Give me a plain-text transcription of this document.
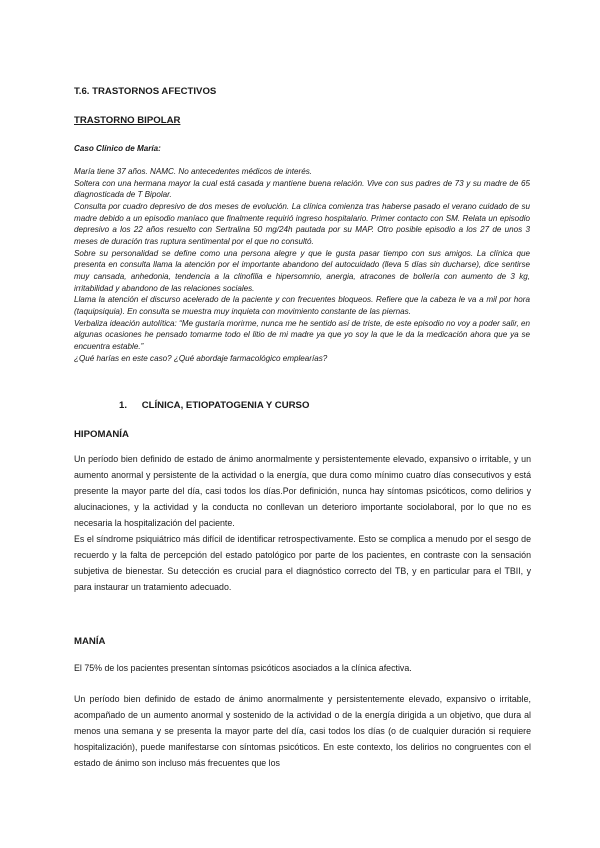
T.6. TRASTORNOS AFECTIVOS
TRASTORNO BIPOLAR
Caso Clínico de María:

María tiene 37 años. NAMC. No antecedentes médicos de interés.

Soltera con una hermana mayor la cual está casada y mantiene buena relación. Vive con sus padres de 73 y su madre de 65 diagnosticada de T Bipolar.

Consulta por cuadro depresivo de dos meses de evolución. La clínica comienza tras haberse pasado el verano cuidado de su madre debido a un episodio maníaco que finalmente requirió ingreso hospitalario. Primer contacto con SM. Relata un episodio depresivo a los 22 años resuelto con Sertralina 50 mg/24h pautada por su MAP. Otro posible episodio a los 27 de unos 3 meses de duración tras ruptura sentimental por el que no consultó.

Sobre su personalidad se define como una persona alegre y que le gusta pasar tiempo con sus amigos. La clínica que presenta en consulta llama la atención por el importante abandono del autocuidado (lleva 5 días sin ducharse), dice sentirse muy cansada, anhedonia, tendencia a la clinofilia e hipersomnio, anergia, atracones de bollería con aumento de 3 kg, irritabilidad y abandono de las relaciones sociales.

Llama la atención el discurso acelerado de la paciente y con frecuentes bloqueos. Refiere que la cabeza le va a mil por hora (taquipsiquia). En consulta se muestra muy inquieta con movimiento constante de las piernas.

Verbaliza ideación autolítica: “Me gustaría morirme, nunca me he sentido así de triste, de este episodio no voy a poder salir, en algunas ocasiones he pensado tomarme todo el litio de mi madre ya que yo soy la que le da la medicación ahora que ya se encuentra estable.”

¿Qué harías en este caso? ¿Qué abordaje farmacológico emplearías?

1. CLÍNICA, ETIOPATOGENIA Y CURSO
HIPOMANÍA

Un período bien definido de estado de ánimo anormalmente y persistentemente elevado, expansivo o irritable, y un aumento anormal y persistente de la actividad o la energía, que dura como mínimo cuatro días consecutivos y está presente la mayor parte del día, casi todos los días.Por definición, nunca hay síntomas psicóticos, como delirios y alucinaciones, y la actividad y la conducta no conllevan un deterioro importante sociolaboral, por lo que no es necesaria la hospitalización del paciente.

Es el síndrome psiquiátrico más difícil de identificar retrospectivamente. Esto se complica a menudo por el sesgo de recuerdo y la falta de percepción del estado patológico por parte de los pacientes, en contraste con la sensación subjetiva de bienestar. Su detección es crucial para el diagnóstico correcto del TB, y en particular para el TBII, y para instaurar un tratamiento adecuado.

MANÍA
El 75% de los pacientes presentan síntomas psicóticos asociados a la clínica afectiva.

Un período bien definido de estado de ánimo anormalmente y persistentemente elevado, expansivo o irritable, acompañado de un aumento anormal y sostenido de la actividad o de la energía dirigida a un objetivo, que dura al menos una semana y se presenta la mayor parte del día, casi todos los días (o de cualquier duración si requiere hospitalización), puede manifestarse con síntomas psicóticos. En este contexto, los delirios no congruentes con el estado de ánimo son incluso más frecuentes que los
